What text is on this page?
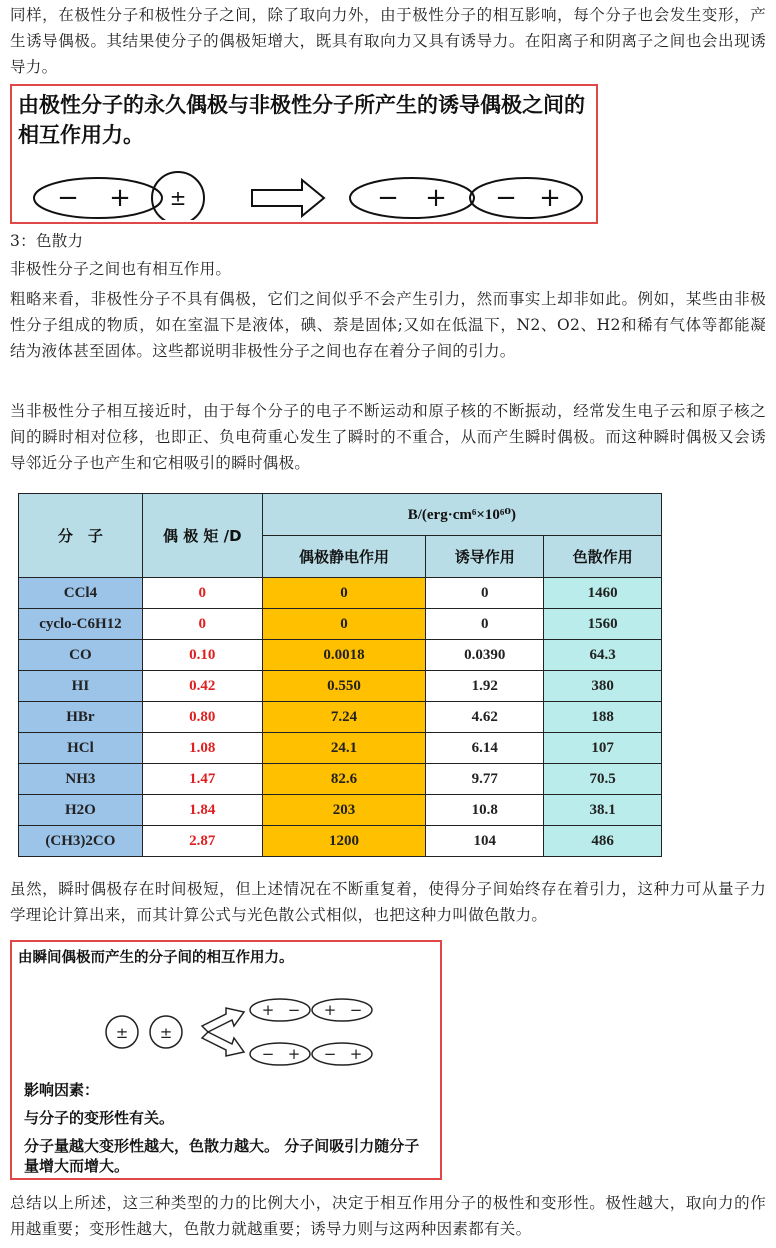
同样，在极性分子和极性分子之间，除了取向力外，由于极性分子的相互影响，每个分子也会发生变形，产生诱导偶极。其结果使分子的偶极矩增大，既具有取向力又具有诱导力。在阳离子和阴离子之间也会出现诱导力。
由极性分子的永久偶极与非极性分子所产生的诱导偶极之间的相互作用力。
− + ±	− + − +
3：色散力
非极性分子之间也有相互作用。
粗略来看，非极性分子不具有偶极，它们之间似乎不会产生引力，然而事实上却非如此。例如，某些由非极性分子组成的物质，如在室温下是液体，碘、萘是固体;又如在低温下，N2、O2、H2和稀有气体等都能凝结为液体甚至固体。这些都说明非极性分子之间也存在着分子间的引力。
当非极性分子相互接近时，由于每个分子的电子不断运动和原子核的不断振动，经常发生电子云和原子核之间的瞬时相对位移，也即正、负电荷重心发生了瞬时的不重合，从而产生瞬时偶极。而这种瞬时偶极又会诱导邻近分子也产生和它相吸引的瞬时偶极。
分　子	偶 极 矩 /D	B/(erg·cm⁶×10⁶⁰)		
		偶极静电作用	诱导作用	色散作用
CCl4	0	0	0	1460
cyclo-C6H12	0	0	0	1560
CO	0.10	0.0018	0.0390	64.3
HI	0.42	0.550	1.92	380
HBr	0.80	7.24	4.62	188
HCl	1.08	24.1	6.14	107
NH3	1.47	82.6	9.77	70.5
H2O	1.84	203	10.8	38.1
(CH3)2CO	2.87	1200	104	486
虽然，瞬时偶极存在时间极短，但上述情况在不断重复着，使得分子间始终存在着引力，这种力可从量子力学理论计算出来，而其计算公式与光色散公式相似，也把这种力叫做色散力。
由瞬间偶极而产生的分子间的相互作用力。
± ±
+ − + −
− + − +
影响因素：
与分子的变形性有关。
分子量越大变形性越大，色散力越大。 分子间吸引力随分子量增大而增大。
总结以上所述，这三种类型的力的比例大小，决定于相互作用分子的极性和变形性。极性越大，取向力的作用越重要；变形性越大，色散力就越重要；诱导力则与这两种因素都有关。
